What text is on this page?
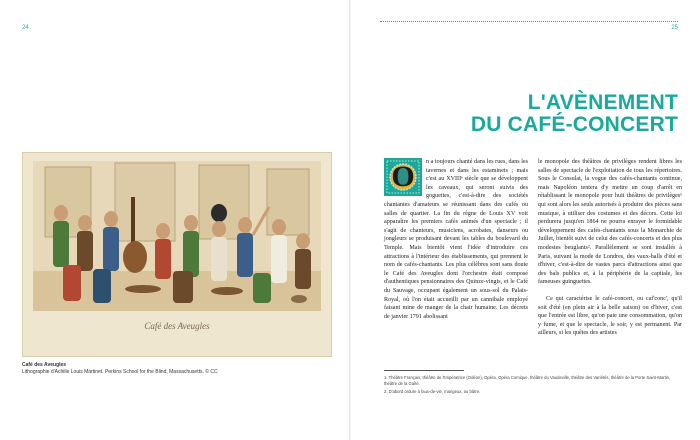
24
Café des Aveugles
Café des Aveugles
Lithographie d'Achille Louis Martinet. Perkins School for the Blind, Massachusetts. © CC
25
L'AVÈNEMENT
DU CAFÉ-CONCERT
O	n a toujours chanté dans les rues, dans les tavernes et dans les estaminets ; mais c'est au XVIIIᵉ siècle que se développent les caveaux, qui seront suivis des goguettes, c'est-à-dire des sociétés chantantes d'amateurs se réunissant dans des cafés ou salles de quartier. La fin du règne de Louis XV voit apparaître les premiers cafés animés d'un spectacle ; il s'agit de chanteurs, musiciens, acrobates, danseurs ou jongleurs se produisant devant les tables du boulevard du Temple. Mais bientôt vient l'idée d'introduire ces attractions à l'intérieur des établissements, qui prennent le nom de cafés-chantants. Les plus célèbres sont sans doute le Café des Aveugles dont l'orchestre était composé d'authentiques pensionnaires des Quinze-vingts, et le Café du Sauvage, occupant également un sous-sol du Palais-Royal, où l'on était accueilli par un cannibale employé faisant mine de manger de la chair humaine. Les décrets de janvier 1791 abolissant

le monopole des théâtres de privilèges rendent libres les salles de spectacle de l'exploitation de tous les répertoires. Sous le Consulat, la vogue des cafés-chantants continue, mais Napoléon tentera d'y mettre un coup d'arrêt en rétablissant le monopole pour huit théâtres de privilèges¹ qui sont alors les seuls autorisés à produire des pièces sans musique, à utiliser des costumes et des décors. Cette loi perdurera jusqu'en 1864 ne pourra enrayer le formidable développement des cafés-chantants sous la Monarchie de Juillet, bientôt suivi de celui des cafés-concerts et des plus modestes beuglants². Parallèlement se sont installés à Paris, suivant la mode de Londres, des vaux-halls d'été et d'hiver, c'est-à-dire de vastes parcs d'attractions ainsi que des bals publics et, à la périphérie de la capitale, les fameuses guinguettes.

Ce qui caractérise le café-concert, ou caf'conc', qu'il soit d'été (en plein air à la belle saison) ou d'hiver, c'est que l'entrée est libre, qu'on paie une consommation, qu'on y fume, et que le spectacle, le soir, y est permanent. Par ailleurs, si les quêtes des artistes

1. Théâtre Français, théâtre de l'Impératrice (Odéon), Opéra, Opéra Comique, théâtre du Vaudeville, théâtre des Variétés, théâtre de la Porte Saint-Martin, théâtre de la Gaîté.

2. D'abord ordure à faux-de-vie, mangeux, ou bâtre.
